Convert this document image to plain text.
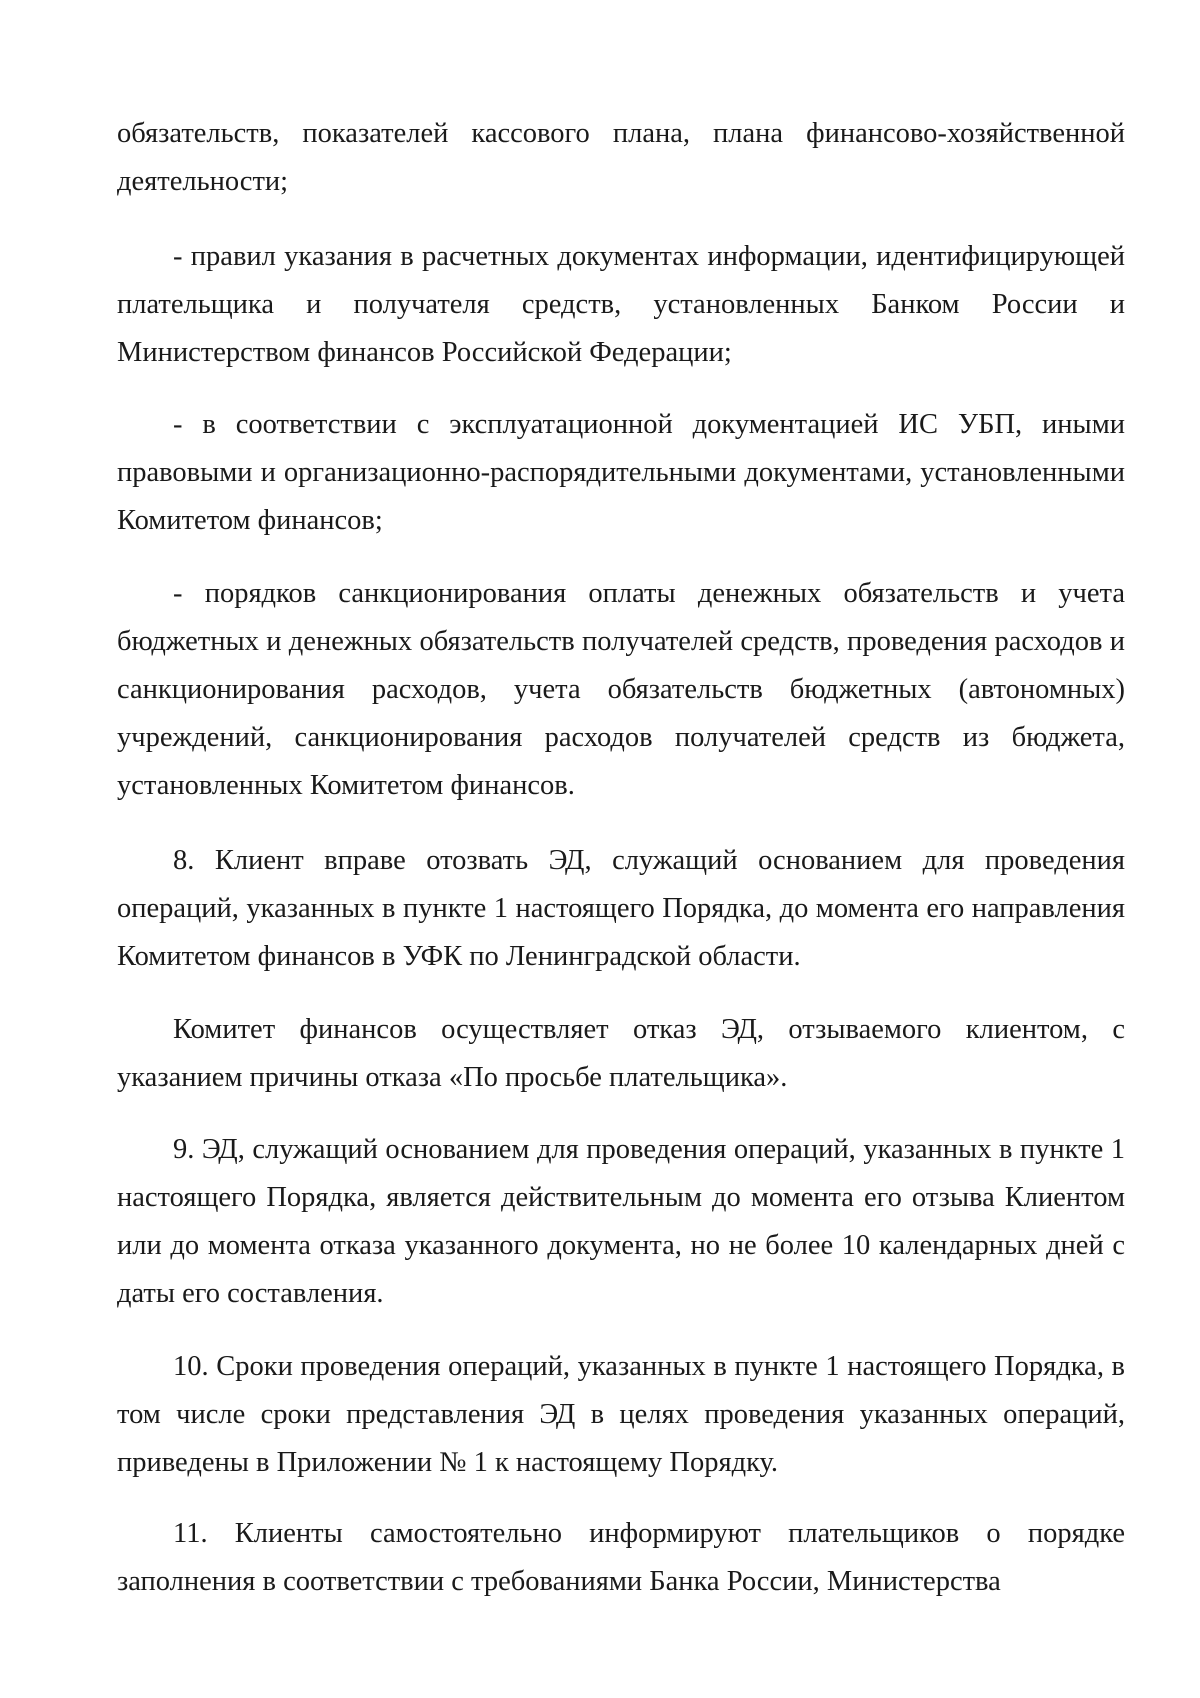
обязательств, показателей кассового плана, плана финансово-хозяйственной деятельности;

- правил указания в расчетных документах информации, идентифицирующей плательщика и получателя средств, установленных Банком России и Министерством финансов Российской Федерации;

- в соответствии с эксплуатационной документацией ИС УБП, иными правовыми и организационно-распорядительными документами, установленными Комитетом финансов;

- порядков санкционирования оплаты денежных обязательств и учета бюджетных и денежных обязательств получателей средств, проведения расходов и санкционирования расходов, учета обязательств бюджетных (автономных) учреждений, санкционирования расходов получателей средств из бюджета, установленных Комитетом финансов.

8. Клиент вправе отозвать ЭД, служащий основанием для проведения операций, указанных в пункте 1 настоящего Порядка, до момента его направления Комитетом финансов в УФК по Ленинградской области.

Комитет финансов осуществляет отказ ЭД, отзываемого клиентом, с указанием причины отказа «По просьбе плательщика».

9. ЭД, служащий основанием для проведения операций, указанных в пункте 1 настоящего Порядка, является действительным до момента его отзыва Клиентом или до момента отказа указанного документа, но не более 10 календарных дней с даты его составления.

10. Сроки проведения операций, указанных в пункте 1 настоящего Порядка, в том числе сроки представления ЭД в целях проведения указанных операций, приведены в Приложении № 1 к настоящему Порядку.

11. Клиенты самостоятельно информируют плательщиков о порядке заполнения в соответствии с требованиями Банка России, Министерства
